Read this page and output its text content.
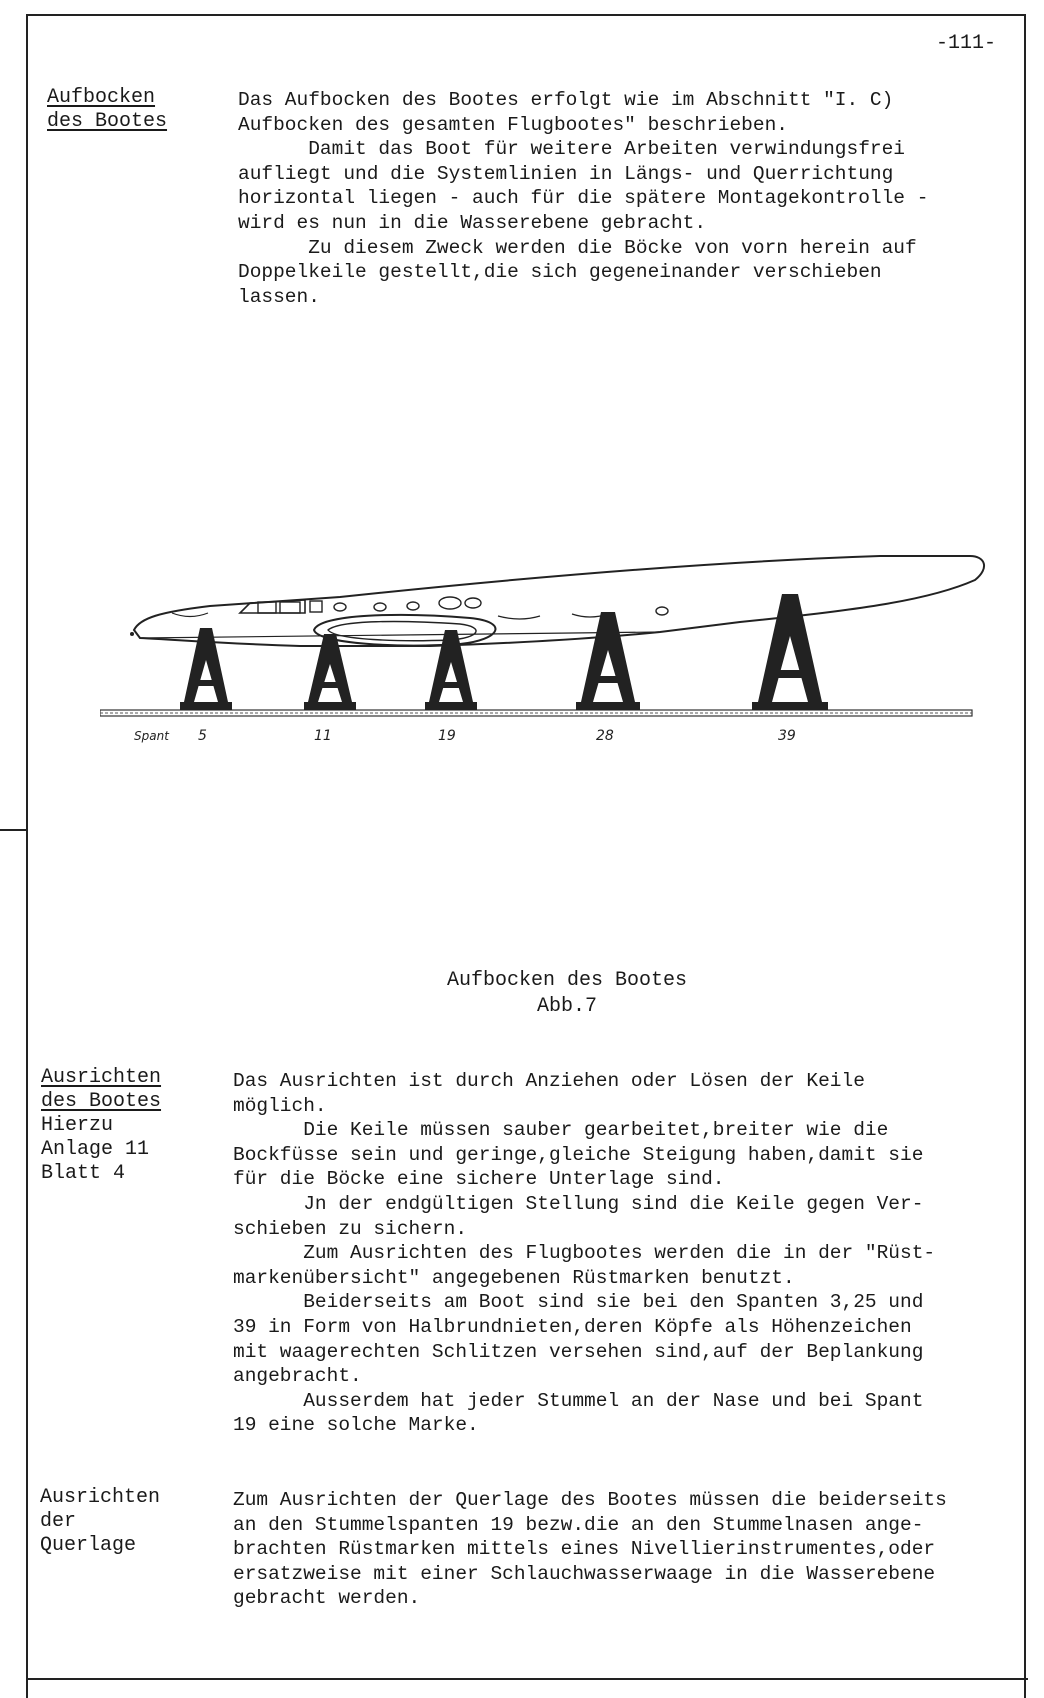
-111-
Aufbocken
des Bootes
Das Aufbocken des Bootes erfolgt wie im Abschnitt "I. C)
Aufbocken des gesamten Flugbootes" beschrieben.
Damit das Boot für weitere Arbeiten verwindungsfrei
aufliegt und die Systemlinien in Längs- und Querrichtung
horizontal liegen - auch für die spätere Montagekontrolle -
wird es nun in die Wasserebene gebracht.
Zu diesem Zweck werden die Böcke von vorn herein auf
Doppelkeile gestellt,die sich gegeneinander verschieben
lassen.
Spant 5	11	19	28	39
Aufbocken des Bootes
Abb.7
Ausrichten
des Bootes
Hierzu
Anlage 11
Blatt 4
Das Ausrichten ist durch Anziehen oder Lösen der Keile
möglich.
Die Keile müssen sauber gearbeitet,breiter wie die
Bockfüsse sein und geringe,gleiche Steigung haben,damit sie
für die Böcke eine sichere Unterlage sind.
Jn der endgültigen Stellung sind die Keile gegen Ver-
schieben zu sichern.
Zum Ausrichten des Flugbootes werden die in der "Rüst-
markenübersicht" angegebenen Rüstmarken benutzt.
Beiderseits am Boot sind sie bei den Spanten 3,25 und
39 in Form von Halbrundnieten,deren Köpfe als Höhenzeichen
mit waagerechten Schlitzen versehen sind,auf der Beplankung
angebracht.
Ausserdem hat jeder Stummel an der Nase und bei Spant
19 eine solche Marke.
Ausrichten
der
Querlage
Zum Ausrichten der Querlage des Bootes müssen die beiderseits
an den Stummelspanten 19 bezw.die an den Stummelnasen ange-
brachten Rüstmarken mittels eines Nivellierinstrumentes,oder
ersatzweise mit einer Schlauchwasserwaage in die Wasserebene
gebracht werden.
